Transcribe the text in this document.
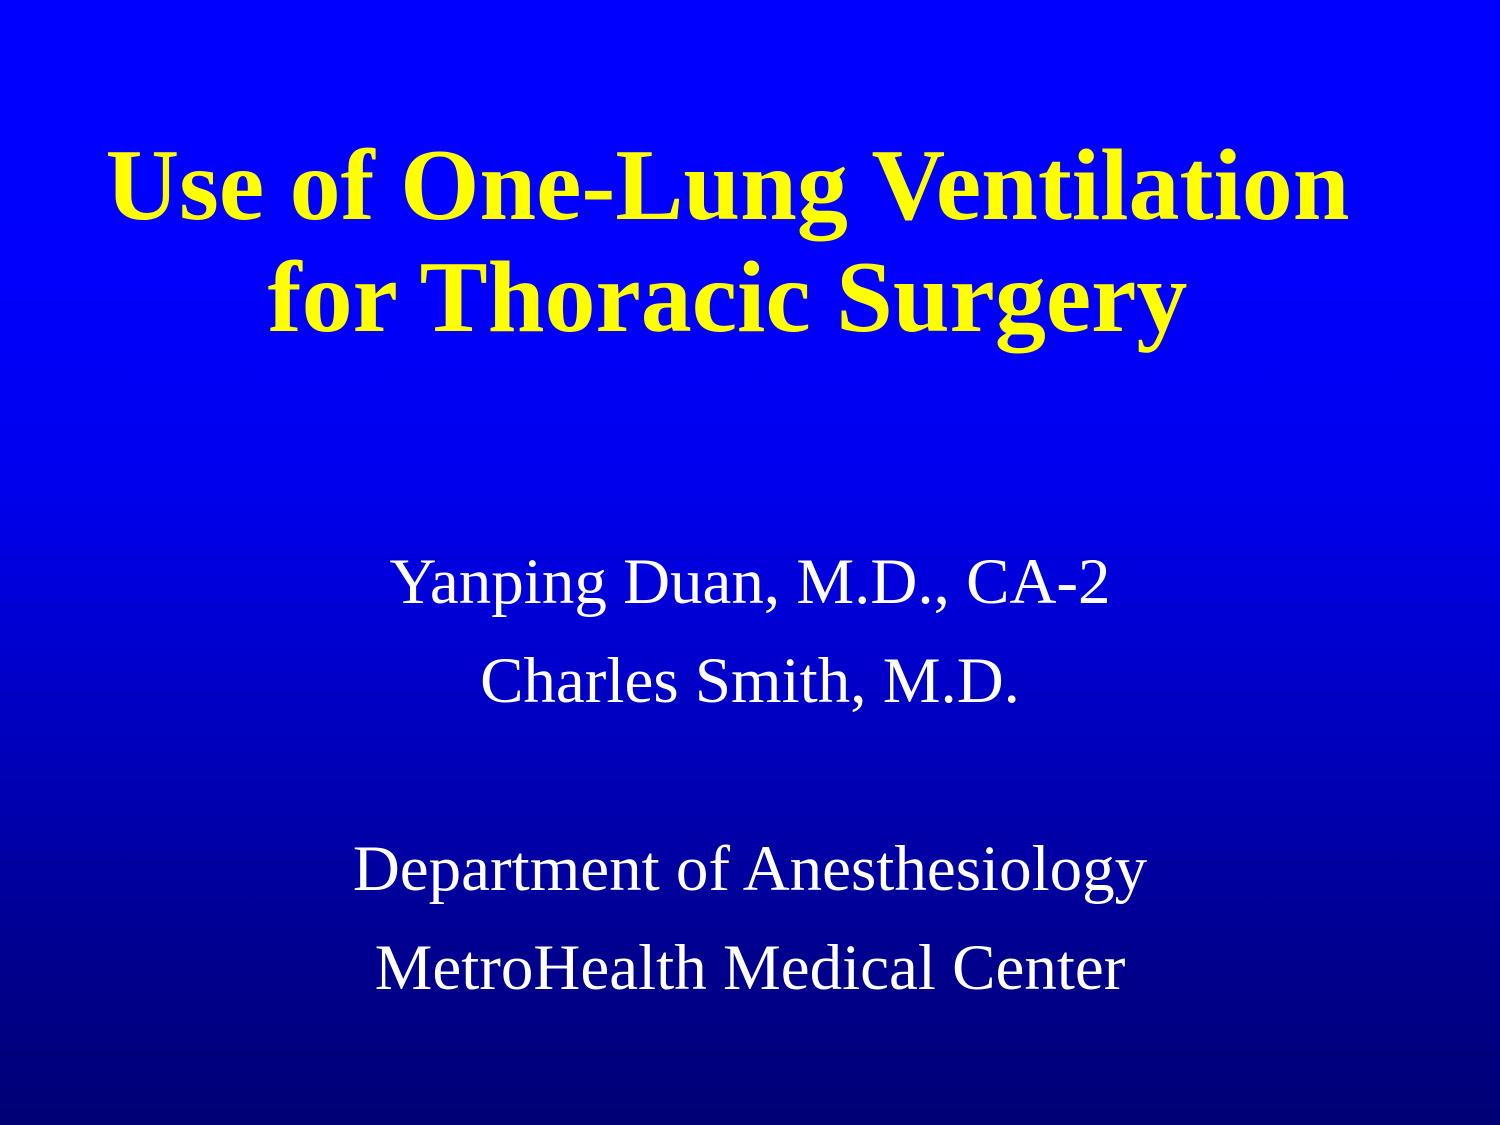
Use of One-Lung Ventilation
for Thoracic Surgery
Yanping Duan, M.D., CA-2
Charles Smith, M.D.
Department of Anesthesiology
MetroHealth Medical Center
